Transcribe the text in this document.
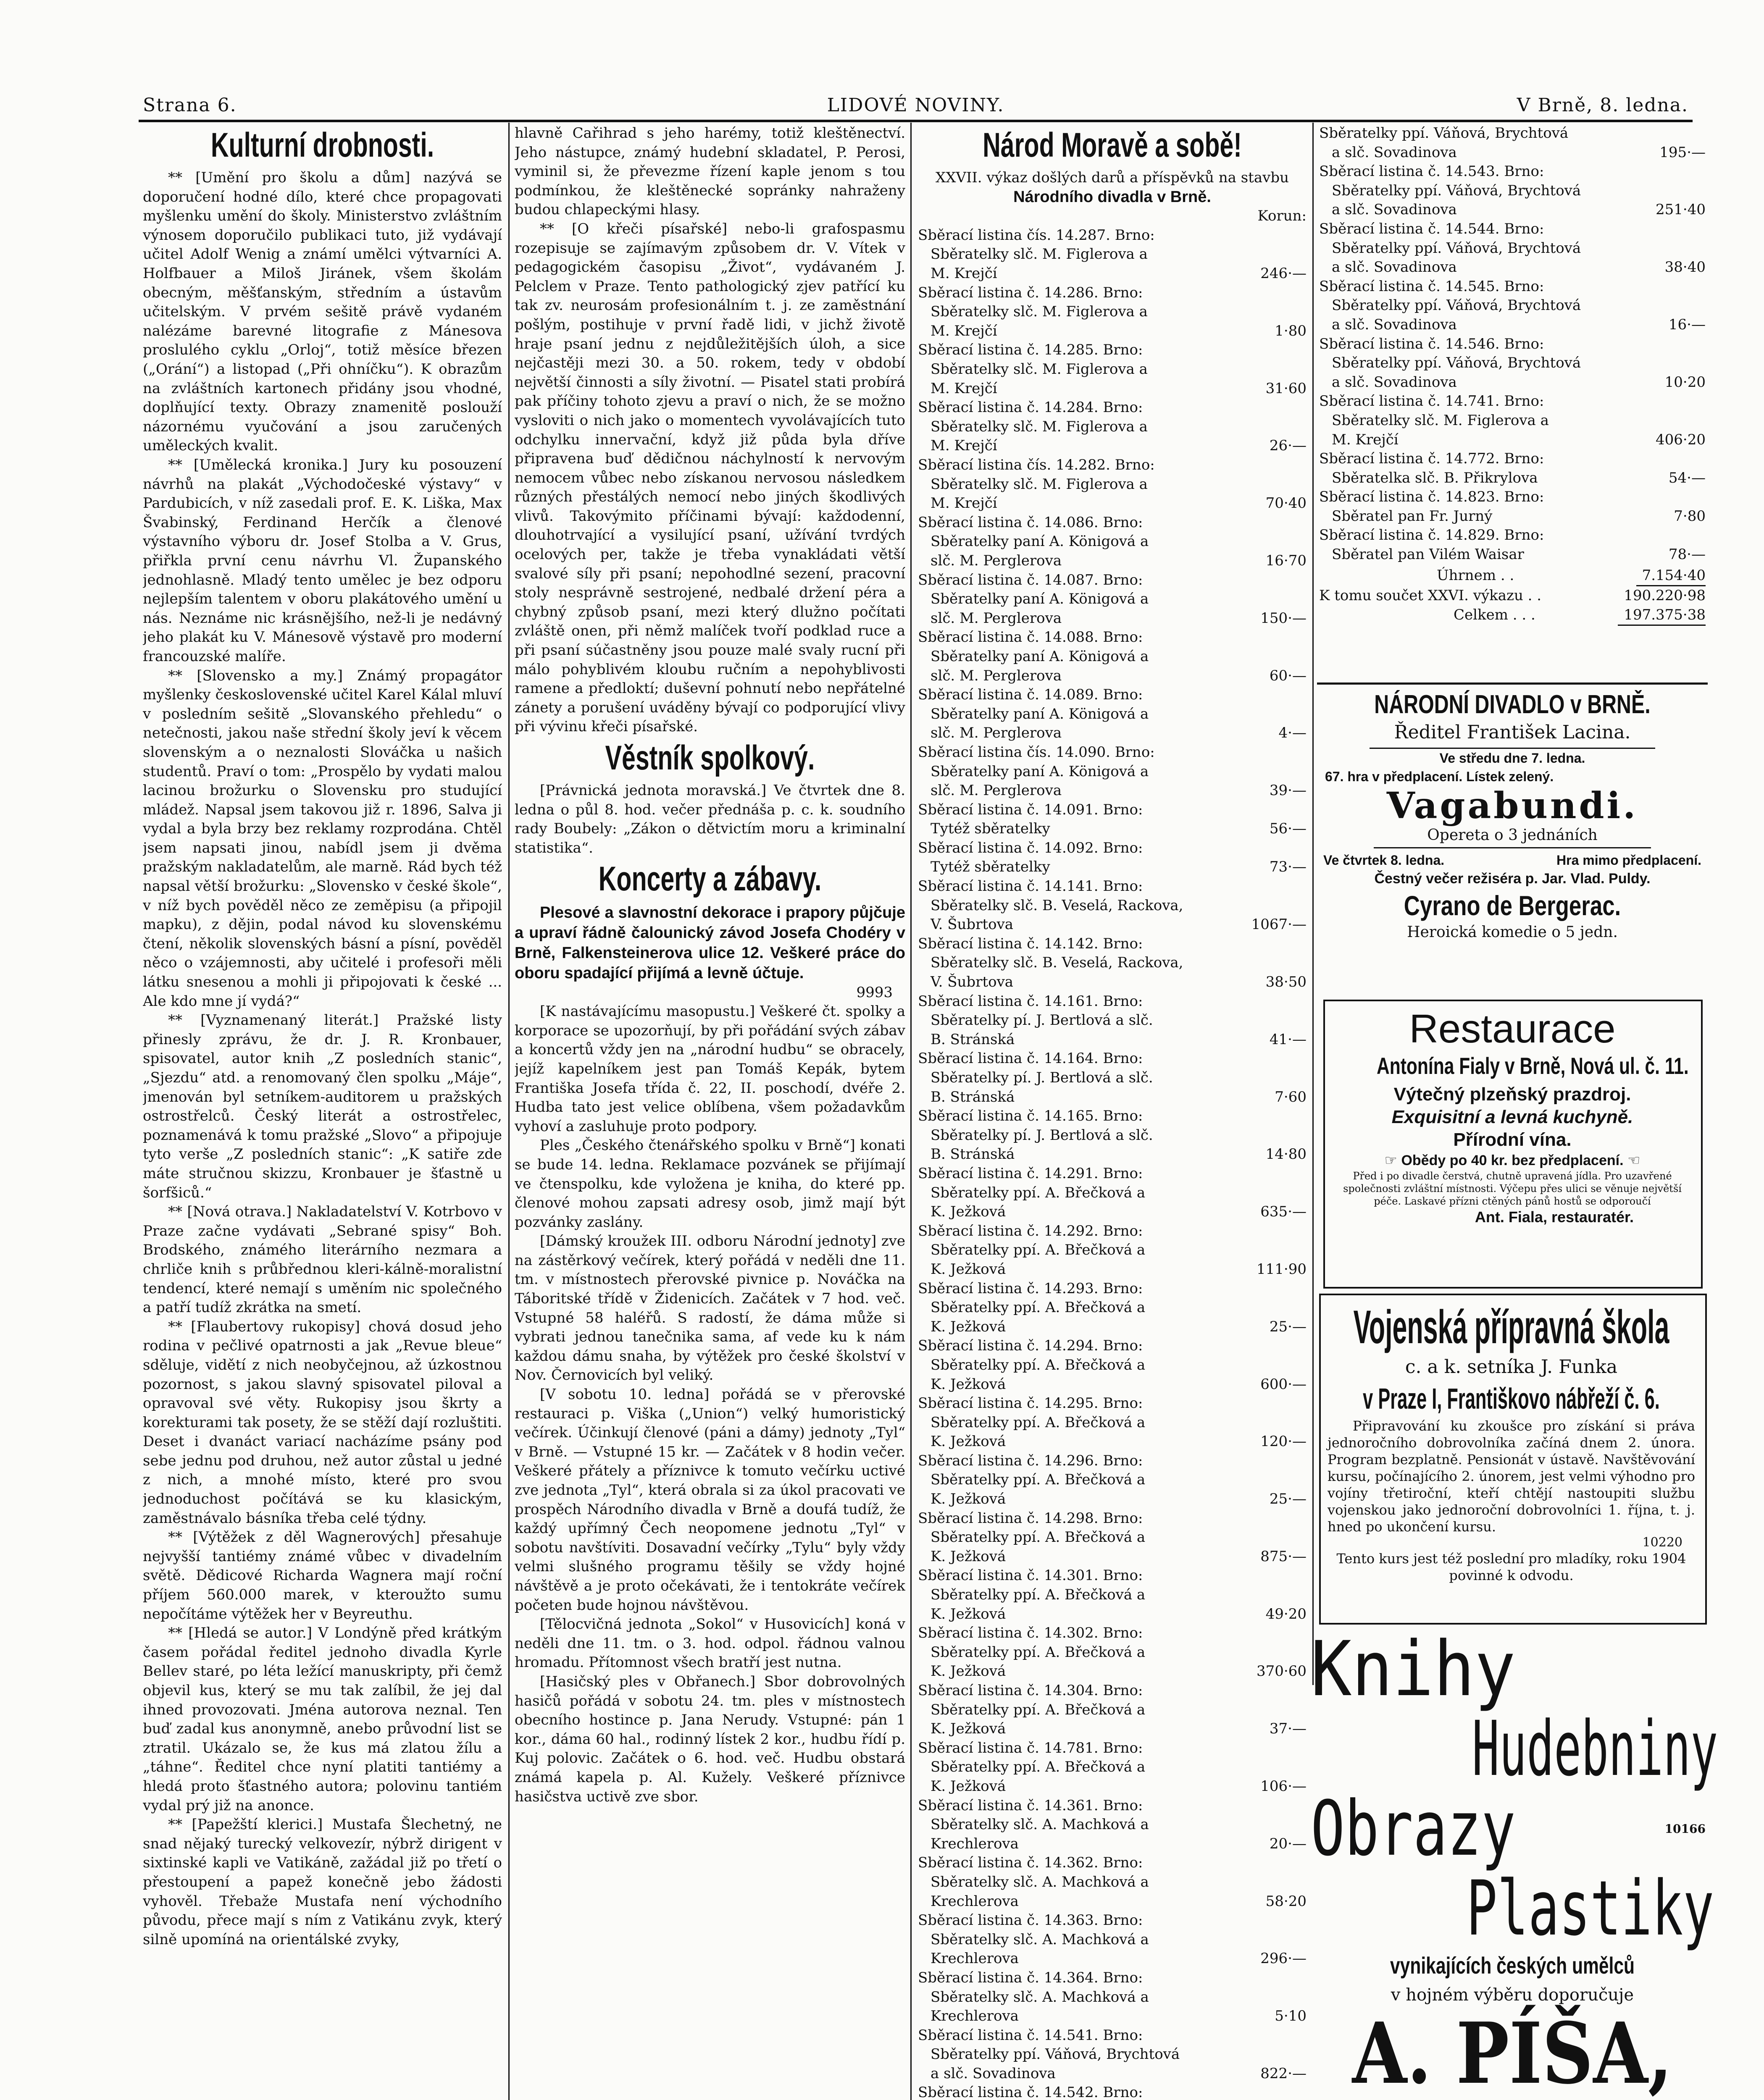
Strana 6.	LIDOVÉ NOVINY.	V Brně, 8. ledna.
Kulturní drobnosti.

** [Umění pro školu a dům] nazývá se doporučení hodné dílo, které chce propagovati myšlenku umění do školy. Ministerstvo zvláštním výnosem doporučilo publikaci tuto, již vydávají učitel Adolf Wenig a známí umělci výtvarníci A. Holfbauer a Miloš Jiránek, všem školám obecným, měšťanským, středním a ústavům učitelským. V prvém sešitě právě vydaném nalézáme barevné litografie z Mánesova proslulého cyklu „Orloj“, totiž měsíce březen („Orání“) a listopad („Při ohníčku“). K obrazům na zvláštních kartonech přidány jsou vhodné, doplňující texty. Obrazy znamenitě poslouží názornému vyučování a jsou zaručených uměleckých kvalit.

** [Umělecká kronika.] Jury ku posouzení návrhů na plakát „Východočeské výstavy“ v Pardubicích, v níž zasedali prof. E. K. Liška, Max Švabinský, Ferdinand Herčík a členové výstavního výboru dr. Josef Stolba a V. Grus, přiřkla první cenu návrhu Vl. Županského jednohlasně. Mladý tento umělec je bez odporu nejlepším talentem v oboru plakátového umění u nás. Neznáme nic krásnějšího, než-li je nedávný jeho plakát ku V. Mánesově výstavě pro moderní francouzské malíře.

** [Slovensko a my.] Známý propagátor myšlenky československé učitel Karel Kálal mluví v posledním sešitě „Slovanského přehledu“ o netečnosti, jakou naše střední školy jeví k věcem slovenským a o neznalosti Slováčka u našich studentů. Praví o tom: „Prospělo by vydati malou lacinou brožurku o Slovensku pro studující mládež. Napsal jsem takovou již r. 1896, Salva ji vydal a byla brzy bez reklamy rozprodána. Chtěl jsem napsati jinou, nabídl jsem ji dvěma pražským nakladatelům, ale marně. Rád bych též napsal větší brožurku: „Slovensko v české škole“, v níž bych pověděl něco ze zeměpisu (a připojil mapku), z dějin, podal návod ku slovenskému čtení, několik slovenských básní a písní, pověděl něco o vzájemnosti, aby učitelé i profesoři měli látku snesenou a mohli ji připojovati k české ... Ale kdo mne jí vydá?“

** [Vyznamenaný literát.] Pražské listy přinesly zprávu, že dr. J. R. Kronbauer, spisovatel, autor knih „Z posledních stanic“, „Sjezdu“ atd. a renomovaný člen spolku „Máje“, jmenován byl setníkem-auditorem u pražských ostrostřelců. Český literát a ostrostřelec, poznamenává k tomu pražské „Slovo“ a připojuje tyto verše „Z posledních stanic“: „K satiře zde máte stručnou skizzu, Kronbauer je šťastně u šorfšiců.“

** [Nová otrava.] Nakladatelství V. Kotrbovo v Praze začne vydávati „Sebrané spisy“ Boh. Brodského, známého literárního nezmara a chrliče knih s průbřednou kleri-kálně-moralistní tendencí, které nemají s uměním nic společného a patří tudíž zkrátka na smetí.

** [Flaubertovy rukopisy] chová dosud jeho rodina v pečlivé opatrnosti a jak „Revue bleue“ sděluje, vidětí z nich neobyčejnou, až úzkostnou pozornost, s jakou slavný spisovatel piloval a opravoval své věty. Rukopisy jsou škrty a korekturami tak posety, že se stěží dají rozluštiti. Deset i dvanáct variací nacházíme psány pod sebe jednu pod druhou, než autor zůstal u jedné z nich, a mnohé místo, které pro svou jednoduchost počítává se ku klasickým, zaměstnávalo básníka třeba celé týdny.

** [Výtěžek z děl Wagnerových] přesahuje nejvyšší tantiémy známé vůbec v divadelním světě. Dědicové Richarda Wagnera mají roční příjem 560.000 marek, v kteroužto sumu nepočítáme výtěžek her v Beyreuthu.

** [Hledá se autor.] V Londýně před krátkým časem pořádal ředitel jednoho divadla Kyrle Bellev staré, po léta ležící manuskripty, při čemž objevil kus, který se mu tak zalíbil, že jej dal ihned provozovati. Jména autorova neznal. Ten buď zadal kus anonymně, anebo průvodní list se ztratil. Ukázalo se, že kus má zlatou žílu a „táhne“. Ředitel chce nyní platiti tantiémy a hledá proto šťastného autora; polovinu tantiém vydal prý již na anonce.

** [Papežští klerici.] Mustafa Šlechetný, ne snad nějaký turecký velkovezír, nýbrž dirigent v sixtinské kapli ve Vatikáně, zažádal již po třetí o přestoupení a papež konečně jebo žádosti vyhověl. Třebaže Mustafa není východního původu, přece mají s ním z Vatikánu zvyk, který silně upomíná na orientálské zvyky,

hlavně Cařihrad s jeho harémy, totiž kleštěnectví. Jeho nástupce, známý hudební skladatel, P. Perosi, vyminil si, že převezme řízení kaple jenom s tou podmínkou, že kleštěnecké sopránky nahraženy budou chlapeckými hlasy.

** [O křeči písařské] nebo-li grafospasmu rozepisuje se zajímavým způsobem dr. V. Vítek v pedagogickém časopisu „Život“, vydávaném J. Pelclem v Praze. Tento pathologický zjev patřící ku tak zv. neurosám profesionálním t. j. ze zaměstnání pošlým, postihuje v první řadě lidi, v jichž životě hraje psaní jednu z nejdůležitějších úloh, a sice nejčastěji mezi 30. a 50. rokem, tedy v období největší činnosti a síly životní. — Pisatel stati probírá pak příčiny tohoto zjevu a praví o nich, že se možno vysloviti o nich jako o momentech vyvolávajících tuto odchylku innervační, když již půda byla dříve připravena buď dědičnou náchylností k nervovým nemocem vůbec nebo získanou nervosou následkem různých přestálých nemocí nebo jiných škodlivých vlivů. Takovýmito příčinami bývají: každodenní, dlouhotrvající a vysilující psaní, užívání tvrdých ocelových per, takže je třeba vynakládati větší svalové síly při psaní; nepohodlné sezení, pracovní stoly nesprávně sestrojené, nedbalé držení péra a chybný způsob psaní, mezi který dlužno počítati zvláště onen, při němž malíček tvoří podklad ruce a při psaní súčastněny jsou pouze malé svaly rucní při málo pohyblivém kloubu ručním a nepohyblivosti ramene a předloktí; duševní pohnutí nebo nepřátelné zánety a porušení uváděny bývají co podporující vlivy při vývinu křeči písařské.

Věstník spolkový.

[Právnická jednota moravská.] Ve čtvrtek dne 8. ledna o půl 8. hod. večer přednáša p. c. k. soudního rady Boubely: „Zákon o dětvictím moru a kriminalní statistika“.

Koncerty a zábavy.

Plesové a slavnostní dekorace i prapory půjčuje a upraví řádně čalounický závod Josefa Chodéry v Brně, Falkensteinerova ulice 12. Veškeré práce do oboru spadající přijímá a levně účtuje.

9993

[K nastávajícímu masopustu.] Veškeré čt. spolky a korporace se upozorňují, by při pořádání svých zábav a koncertů vždy jen na „národní hudbu“ se obracely, jejíž kapelníkem jest pan Tomáš Kepák, bytem Františka Josefa třída č. 22, II. poschodí, dvéře 2. Hudba tato jest velice oblíbena, všem požadavkům vyhoví a zasluhuje proto podpory.

Ples „Českého čtenářského spolku v Brně“] konati se bude 14. ledna. Reklamace pozvánek se přijímají ve čtenspolku, kde vyložena je kniha, do které pp. členové mohou zapsati adresy osob, jimž mají být pozvánky zaslány.

[Dámský kroužek III. odboru Národní jednoty] zve na zástěrkový večírek, který pořádá v neděli dne 11. tm. v místnostech přerovské pivnice p. Nováčka na Táboritské třídě v Židenicích. Začátek v 7 hod. več. Vstupné 58 haléřů. S radostí, že dáma může si vybrati jednou tanečnika sama, af vede ku k nám každou dámu snaha, by výtěžek pro české školství v Nov. Černovicích byl veliký.

[V sobotu 10. ledna] pořádá se v přerovské restauraci p. Viška („Union“) velký humoristický večírek. Účinkují členové (páni a dámy) jednoty „Tyl“ v Brně. — Vstupné 15 kr. — Začátek v 8 hodin večer. Veškeré přátely a příznivce k tomuto večírku uctivé zve jednota „Tyl“, která obrala si za úkol pracovati ve prospěch Národního divadla v Brně a doufá tudíž, že každý upřímný Čech neopomene jednotu „Tyl“ v sobotu navštíviti. Dosavadní večírky „Tylu“ byly vždy velmi slušného programu těšily se vždy hojné návštěvě a je proto očekávati, že i tentokráte večírek početen bude hojnou návštěvou.

[Tělocvičná jednota „Sokol“ v Husovicích] koná v neděli dne 11. tm. o 3. hod. odpol. řádnou valnou hromadu. Přítomnost všech bratří jest nutna.

[Hasičský ples v Obřanech.] Sbor dobrovolných hasičů pořádá v sobotu 24. tm. ples v místnostech obecního hostince p. Jana Nerudy. Vstupné: pán 1 kor., dáma 60 hal., rodinný lístek 2 kor., hudbu řídí p. Kuj polovic. Začátek o 6. hod. več. Hudbu obstará známá kapela p. Al. Kužely. Veškeré příznivce hasičstva uctivě zve sbor.

Národ Moravě a sobě!
XXVII. výkaz došlých darů a příspěvků na stavbu
Národního divadla v Brně.
Korun:
Sběrací listina čís. 14.287. Brno:
Sběratelky slč. M. Figlerova a
M. Krejčí	246·—
Sběrací listina č. 14.286. Brno:
Sběratelky slč. M. Figlerova a
M. Krejčí	1·80
Sběrací listina č. 14.285. Brno:
Sběratelky slč. M. Figlerova a
M. Krejčí	31·60
Sběrací listina č. 14.284. Brno:
Sběratelky slč. M. Figlerova a
M. Krejčí	26·—
Sběrací listina čís. 14.282. Brno:
Sběratelky slč. M. Figlerova a
M. Krejčí	70·40
Sběrací listina č. 14.086. Brno:
Sběratelky paní A. Königová a
slč. M. Perglerova	16·70
Sběrací listina č. 14.087. Brno:
Sběratelky paní A. Königová a
slč. M. Perglerova	150·—
Sběrací listina č. 14.088. Brno:
Sběratelky paní A. Königová a
slč. M. Perglerova	60·—
Sběrací listina č. 14.089. Brno:
Sběratelky paní A. Königová a
slč. M. Perglerova	4·—
Sběrací listina čís. 14.090. Brno:
Sběratelky paní A. Königová a
slč. M. Perglerova	39·—
Sběrací listina č. 14.091. Brno:
Tytéž sběratelky	56·—
Sběrací listina č. 14.092. Brno:
Tytéž sběratelky	73·—
Sběrací listina č. 14.141. Brno:
Sběratelky slč. B. Veselá, Rackova,
V. Šubrtova	1067·—
Sběrací listina č. 14.142. Brno:
Sběratelky slč. B. Veselá, Rackova,
V. Šubrtova	38·50
Sběrací listina č. 14.161. Brno:
Sběratelky pí. J. Bertlová a slč.
B. Stránská	41·—
Sběrací listina č. 14.164. Brno:
Sběratelky pí. J. Bertlová a slč.
B. Stránská	7·60
Sběrací listina č. 14.165. Brno:
Sběratelky pí. J. Bertlová a slč.
B. Stránská	14·80
Sběrací listina č. 14.291. Brno:
Sběratelky ppí. A. Břečková a
K. Ježková	635·—
Sběrací listina č. 14.292. Brno:
Sběratelky ppí. A. Břečková a
K. Ježková	111·90
Sběrací listina č. 14.293. Brno:
Sběratelky ppí. A. Břečková a
K. Ježková	25·—
Sběrací listina č. 14.294. Brno:
Sběratelky ppí. A. Břečková a
K. Ježková	600·—
Sběrací listina č. 14.295. Brno:
Sběratelky ppí. A. Břečková a
K. Ježková	120·—
Sběrací listina č. 14.296. Brno:
Sběratelky ppí. A. Břečková a
K. Ježková	25·—
Sběrací listina č. 14.298. Brno:
Sběratelky ppí. A. Břečková a
K. Ježková	875·—
Sběrací listina č. 14.301. Brno:
Sběratelky ppí. A. Břečková a
K. Ježková	49·20
Sběrací listina č. 14.302. Brno:
Sběratelky ppí. A. Břečková a
K. Ježková	370·60
Sběrací listina č. 14.304. Brno:
Sběratelky ppí. A. Břečková a
K. Ježková	37·—
Sběrací listina č. 14.781. Brno:
Sběratelky ppí. A. Břečková a
K. Ježková	106·—
Sběrací listina č. 14.361. Brno:
Sběratelky slč. A. Machková a
Krechlerova	20·—
Sběrací listina č. 14.362. Brno:
Sběratelky slč. A. Machková a
Krechlerova	58·20
Sběrací listina č. 14.363. Brno:
Sběratelky slč. A. Machková a
Krechlerova	296·—
Sběrací listina č. 14.364. Brno:
Sběratelky slč. A. Machková a
Krechlerova	5·10
Sběrací listina č. 14.541. Brno:
Sběratelky ppí. Váňová, Brychtová
a slč. Sovadinova	822·—
Sběrací listina č. 14.542. Brno:
Sběratelky ppí. Váňová, Brychtová
a slč. Sovadinova	195·—
Sběrací listina č. 14.543. Brno:
Sběratelky ppí. Váňová, Brychtová
a slč. Sovadinova	251·40
Sběrací listina č. 14.544. Brno:
Sběratelky ppí. Váňová, Brychtová
a slč. Sovadinova	38·40
Sběrací listina č. 14.545. Brno:
Sběratelky ppí. Váňová, Brychtová
a slč. Sovadinova	16·—
Sběrací listina č. 14.546. Brno:
Sběratelky ppí. Váňová, Brychtová
a slč. Sovadinova	10·20
Sběrací listina č. 14.741. Brno:
Sběratelky slč. M. Figlerova a
M. Krejčí	406·20
Sběrací listina č. 14.772. Brno:
Sběratelka slč. B. Přikrylova	54·—
Sběrací listina č. 14.823. Brno:
Sběratel pan Fr. Jurný	7·80
Sběrací listina č. 14.829. Brno:
Sběratel pan Vilém Waisar	78·—
Úhrnem . .	7.154·40
K tomu součet XXVI. výkazu . .	190.220·98
Celkem . . .	197.375·38
NÁRODNÍ DIVADLO v BRNĚ.
Ředitel František Lacina.
Ve středu dne 7. ledna.
67. hra v předplacení. Lístek zelený.
Vagabundi.
Opereta o 3 jednáních
Ve čtvrtek 8. ledna.	Hra mimo předplacení.
Čestný večer režiséra p. Jar. Vlad. Puldy.
Cyrano de Bergerac.
Heroická komedie o 5 jedn.
Restaurace
Antonína Fialy v Brně, Nová ul. č. 11.
Výtečný plzeňský prazdroj.
Exquisitní a levná kuchyně.
Přírodní vína.
☞ Obědy po 40 kr. bez předplacení. ☜
Před i po divadle čerstvá, chutně upravená jídla. Pro uzavřené společnosti zvláštní místnosti. Výčepu přes ulici se věnuje největší péče. Laskavé přízni ctěných pánů hostů se odporoučí
Ant. Fiala, restauratér.
Vojenská přípravná škola
c. a k. setníka J. Funka
v Praze I, Františkovo nábřeží č. 6.
Připravování ku zkoušce pro získání si práva jednoročního dobrovolníka začíná dnem 2. února. Program bezplatně. Pensionát v ústavě. Navštěvování kursu, počínajícího 2. únorem, jest velmi výhodno pro vojíny třetiroční, kteří chtějí nastoupiti službu vojenskou jako jednoroční dobrovolníci 1. října, t. j. hned po ukončení kursu.
10220
Tento kurs jest též poslední pro mladíky, roku 1904 povinné k odvodu.
Knihy
Hudebniny
Obrazy	10166
Plastiky
vynikajících českých umělců
v hojném výběru doporučuje
A. PÍŠA,
